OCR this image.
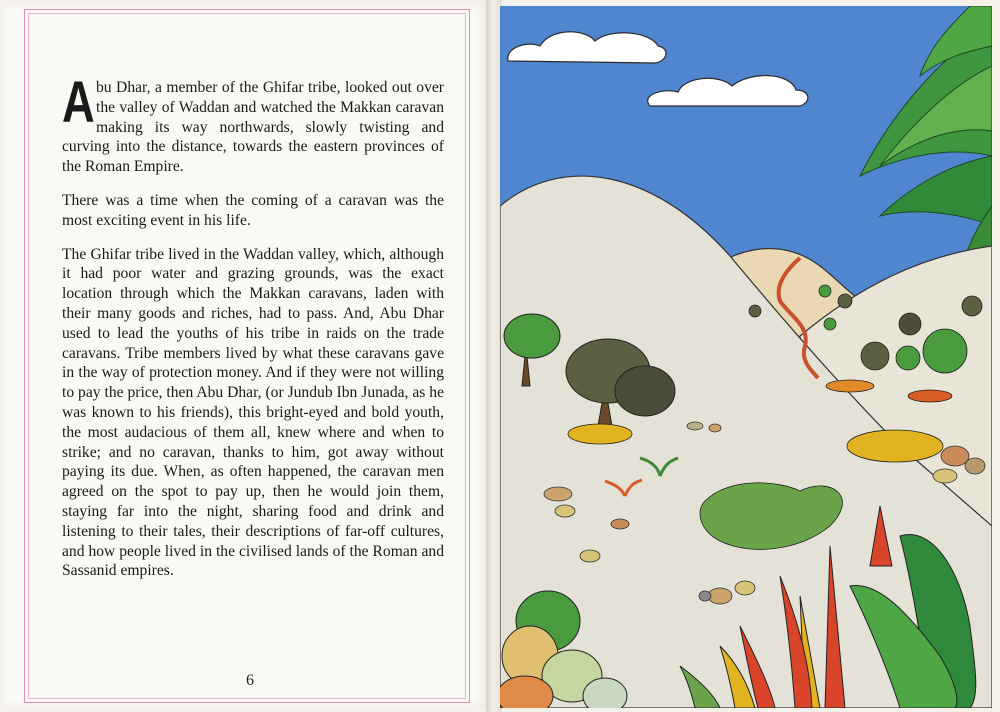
Abu Dhar, a member of the Ghifar tribe, looked out over the valley of Waddan and watched the Makkan caravan making its way northwards, slowly twisting and curving into the distance, towards the eastern provinces of the Roman Empire.

There was a time when the coming of a caravan was the most exciting event in his life.

The Ghifar tribe lived in the Waddan valley, which, although it had poor water and grazing grounds, was the exact location through which the Makkan caravans, laden with their many goods and riches, had to pass. And, Abu Dhar used to lead the youths of his tribe in raids on the trade caravans. Tribe members lived by what these caravans gave in the way of protection money. And if they were not willing to pay the price, then Abu Dhar, (or Jundub Ibn Junada, as he was known to his friends), this bright-eyed and bold youth, the most audacious of them all, knew where and when to strike; and no caravan, thanks to him, got away without paying its due. When, as often happened, the caravan men agreed on the spot to pay up, then he would join them, staying far into the night, sharing food and drink and listening to their tales, their descriptions of far-off cultures, and how people lived in the civilised lands of the Roman and Sassanid empires.

6
